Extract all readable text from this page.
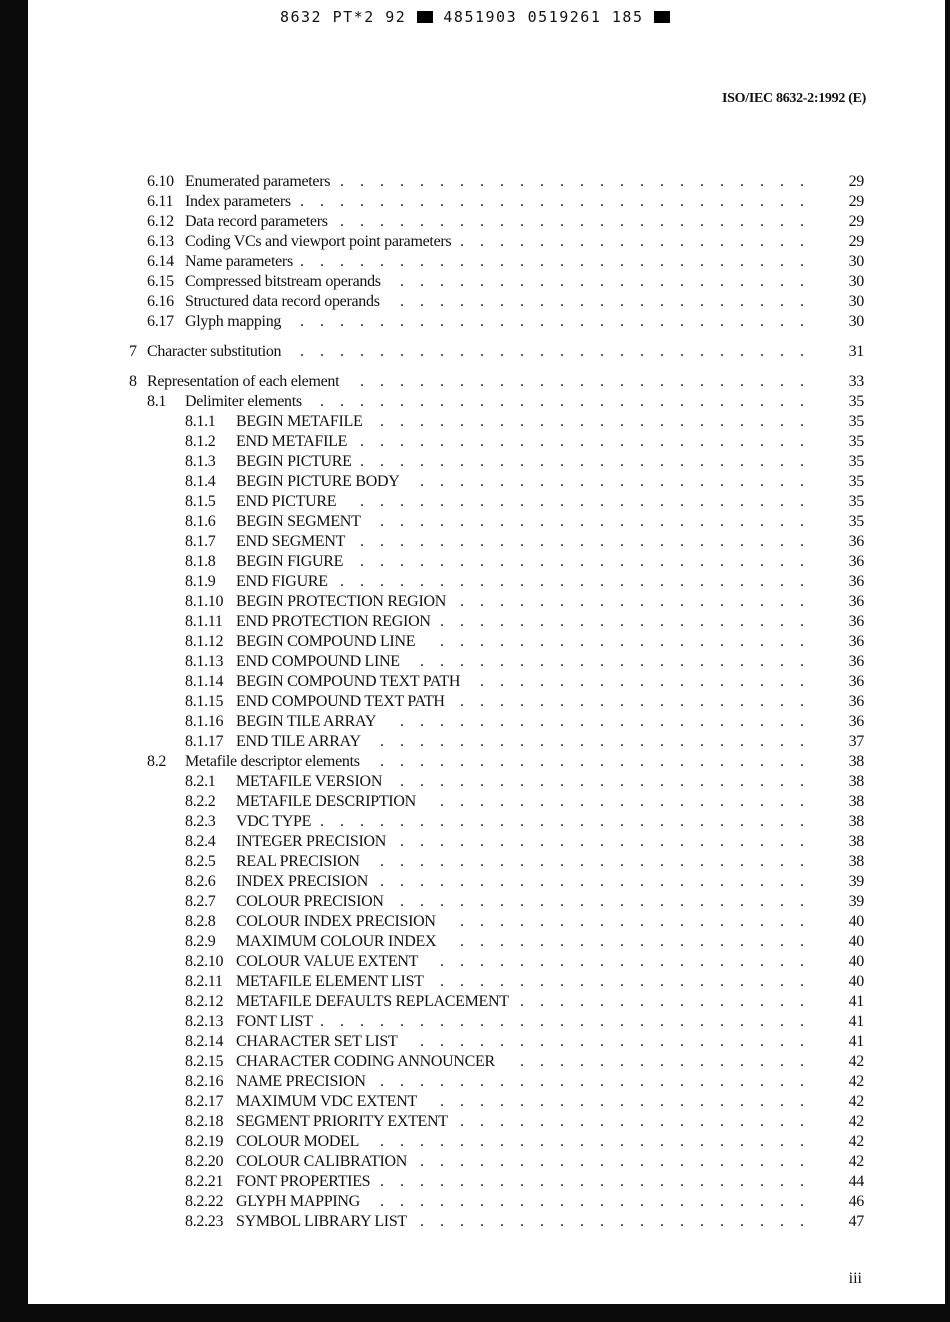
8632 PT*2 92 4851903 0519261 185
ISO/IEC 8632-2:1992 (E)
6.10 Enumerated parameters ........................ 29
6.11 Index parameters .......................... 29
6.12 Data record parameters ........................ 29
6.13 Coding VCs and viewport point parameters .................. 29
6.14 Name parameters .......................... 30
6.15 Compressed bitstream operands	..................... 30
6.16 Structured data record operands	..................... 30
6.17 Glyph mapping	.......................... 30
7 Character substitution	.......................... 31
8 Representation of each element	....................... 33
8.1 Delimiter elements	......................... 35
8.1.1 BEGIN METAFILE	...................... 35
8.1.2 END METAFILE ....................... 35
8.1.3 BEGIN PICTURE ....................... 35
8.1.4 BEGIN PICTURE BODY	.................... 35
8.1.5 END PICTURE	....................... 35
8.1.6 BEGIN SEGMENT	...................... 35
8.1.7 END SEGMENT ....................... 36
8.1.8 BEGIN FIGURE	....................... 36
8.1.9 END FIGURE ........................ 36
8.1.10 BEGIN PROTECTION REGION .................. 36
8.1.11 END PROTECTION REGION ................... 36
8.1.12 BEGIN COMPOUND LINE	................... 36
8.1.13 END COMPOUND LINE	.................... 36
8.1.14 BEGIN COMPOUND TEXT PATH	................. 36
8.1.15 END COMPOUND TEXT PATH .................. 36
8.1.16 BEGIN TILE ARRAY	..................... 36
8.1.17 END TILE ARRAY	...................... 37
8.2 Metafile descriptor elements	...................... 38
8.2.1 METAFILE VERSION	..................... 38
8.2.2 METAFILE DESCRIPTION	................... 38
8.2.3 VDC TYPE ......................... 38
8.2.4 INTEGER PRECISION ..................... 38
8.2.5 REAL PRECISION	...................... 38
8.2.6 INDEX PRECISION ...................... 39
8.2.7 COLOUR PRECISION	..................... 39
8.2.8 COLOUR INDEX PRECISION	.................. 40
8.2.9 MAXIMUM COLOUR INDEX	.................. 40
8.2.10 COLOUR VALUE EXTENT	................... 40
8.2.11 METAFILE ELEMENT LIST	................... 40
8.2.12 METAFILE DEFAULTS REPLACEMENT ............... 41
8.2.13 FONT LIST ......................... 41
8.2.14 CHARACTER SET LIST	.................... 41
8.2.15 CHARACTER CODING ANNOUNCER	............... 42
8.2.16 NAME PRECISION ...................... 42
8.2.17 MAXIMUM VDC EXTENT	................... 42
8.2.18 SEGMENT PRIORITY EXTENT .................. 42
8.2.19 COLOUR MODEL	...................... 42
8.2.20 COLOUR CALIBRATION .................... 42
8.2.21 FONT PROPERTIES ...................... 44
8.2.22 GLYPH MAPPING	...................... 46
8.2.23 SYMBOL LIBRARY LIST .................... 47
iii
